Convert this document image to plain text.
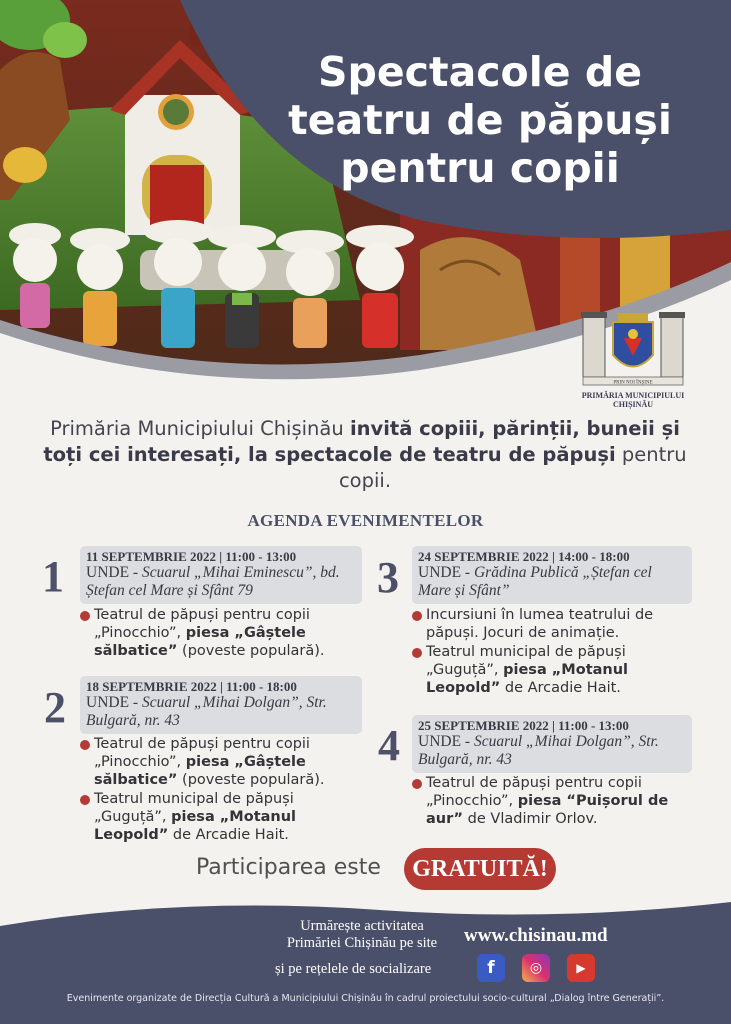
Spectacole de
teatru de păpuși
pentru copii
PRIN NOI ÎNȘINE
PRIMĂRIA MUNICIPIULUI
CHIȘINĂU
Primăria Municipiului Chișinău invită copiii, părinții, buneii și toți cei interesați, la spectacole de teatru de păpuși pentru copii.
AGENDA EVENIMENTELOR
1 11 SEPTEMBRIE 2022 | 11:00 - 13:00
UNDE - Scuarul „Mihai Eminescu”, bd. Ștefan cel Mare și Sfânt 79
Teatrul de păpuși pentru copii „Pinocchio”, piesa „Gâștele sălbatice” (poveste populară).
2 18 SEPTEMBRIE 2022 | 11:00 - 18:00
UNDE - Scuarul „Mihai Dolgan”, Str. Bulgară, nr. 43
Teatrul de păpuși pentru copii „Pinocchio”, piesa „Gâștele sălbatice” (poveste populară).
Teatrul municipal de păpuși „Guguță”, piesa „Motanul Leopold” de Arcadie Hait.
3 24 SEPTEMBRIE 2022 | 14:00 - 18:00
UNDE - Grădina Publică „Ștefan cel Mare și Sfânt”
Incursiuni în lumea teatrului de păpuși. Jocuri de animație.
Teatrul municipal de păpuși „Guguță”, piesa „Motanul Leopold” de Arcadie Hait.
4 25 SEPTEMBRIE 2022 | 11:00 - 13:00
UNDE - Scuarul „Mihai Dolgan”, Str. Bulgară, nr. 43
Teatrul de păpuși pentru copii „Pinocchio”, piesa “Puișorul de aur” de Vladimir Orlov.
Participarea este	GRATUITĂ!
Urmărește activitatea
Primăriei Chișinău pe site	www.chisinau.md
și pe rețelele de socializare	f	◎	▶
Evenimente organizate de Direcția Cultură a Municipiului Chișinău în cadrul proiectului socio-cultural „Dialog între Generații”.
